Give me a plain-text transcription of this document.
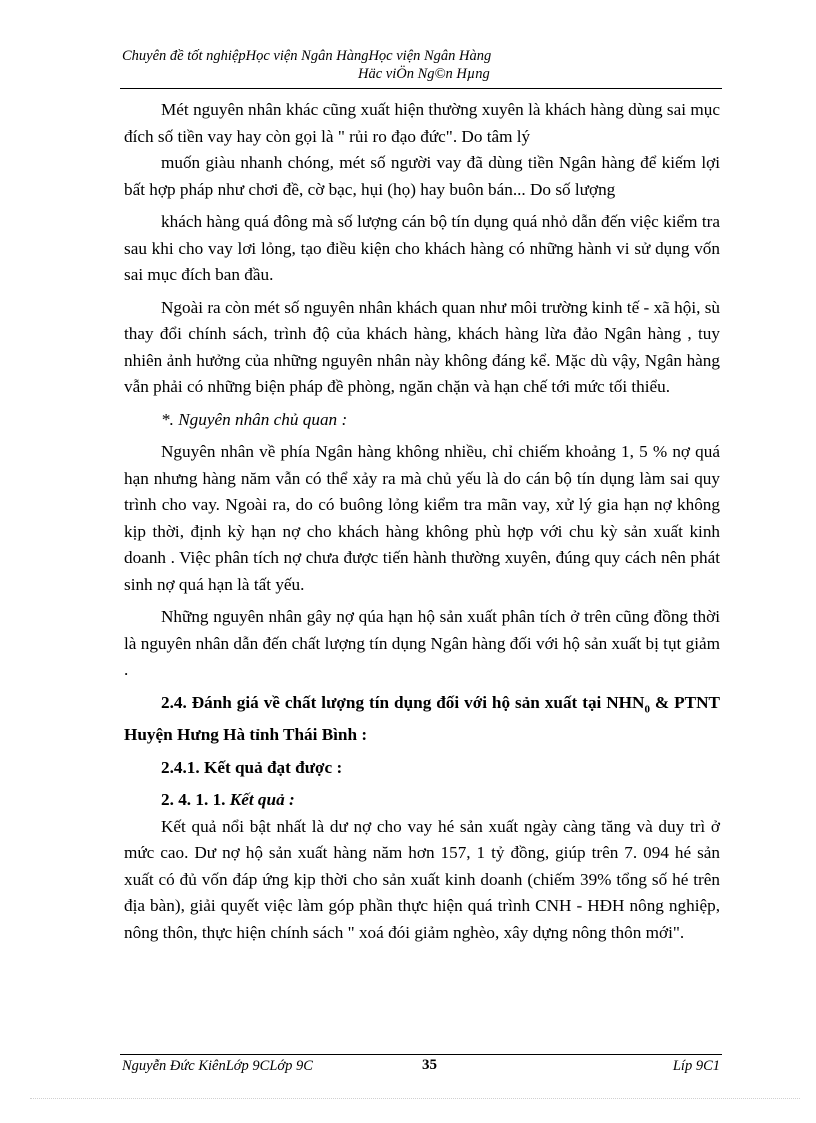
Chuyên đề tốt nghiệpHọc viện Ngân HàngHọc viện Ngân Hàng
Häc viÖn Ng©n Hµng

Mét nguyên nhân khác cũng xuất hiện thường xuyên là khách hàng dùng sai mục đích số tiền vay hay còn gọi là " rủi ro đạo đức". Do tâm lý

muốn giàu nhanh chóng, mét số người vay đã dùng tiền Ngân hàng để kiếm lợi bất hợp pháp như chơi đề, cờ bạc, hụi (họ) hay buôn bán... Do số lượng

khách hàng quá đông mà số lượng cán bộ tín dụng quá nhỏ dẫn đến việc kiểm tra sau khi cho vay lơi lỏng, tạo điều kiện cho khách hàng có những hành vi sử dụng vốn sai mục đích ban đầu.

Ngoài ra còn mét số nguyên nhân khách quan như môi trường kinh tế - xã hội, sù thay đổi chính sách, trình độ của khách hàng, khách hàng lừa đảo Ngân hàng , tuy nhiên ảnh hưởng của những nguyên nhân này không đáng kể. Mặc dù vậy, Ngân hàng vẫn phải có những biện pháp đề phòng, ngăn chặn và hạn chế tới mức tối thiểu.

*. Nguyên nhân chủ quan :

Nguyên nhân về phía Ngân hàng không nhiều, chỉ chiếm khoảng 1, 5 % nợ quá hạn nhưng hàng năm vẫn có thể xảy ra mà chủ yếu là do cán bộ tín dụng làm sai quy trình cho vay. Ngoài ra, do có buông lỏng kiểm tra mãn vay, xử lý gia hạn nợ không kịp thời, định kỳ hạn nợ cho khách hàng không phù hợp với chu kỳ sản xuất kinh doanh . Việc phân tích nợ chưa được tiến hành thường xuyên, đúng quy cách nên phát sinh nợ quá hạn là tất yếu.

Những nguyên nhân gây nợ qúa hạn hộ sản xuất phân tích ở trên cũng đồng thời là nguyên nhân dẫn đến chất lượng tín dụng Ngân hàng đối với hộ sản xuất bị tụt giảm .

2.4. Đánh giá về chất lượng tín dụng đối với hộ sản xuất tại $NHN_0$ & PTNT Huyện Hưng Hà tỉnh Thái Bình :

2.4.1. Kết quả đạt được :

2. 4. 1. 1. Kết quả :

Kết quả nổi bật nhất là dư nợ cho vay hé sản xuất ngày càng tăng và duy trì ở mức cao. Dư nợ hộ sản xuất hàng năm hơn 157, 1 tỷ đồng, giúp trên 7. 094 hé sản xuất có đủ vốn đáp ứng kịp thời cho sản xuất kinh doanh (chiếm 39% tổng số hé trên địa bàn), giải quyết việc làm góp phần thực hiện quá trình CNH - HĐH nông nghiệp, nông thôn, thực hiện chính sách " xoá đói giảm nghèo, xây dựng nông thôn mới".

Nguyễn Đức KiênLớp 9CLớp 9C	35	Líp 9C1
